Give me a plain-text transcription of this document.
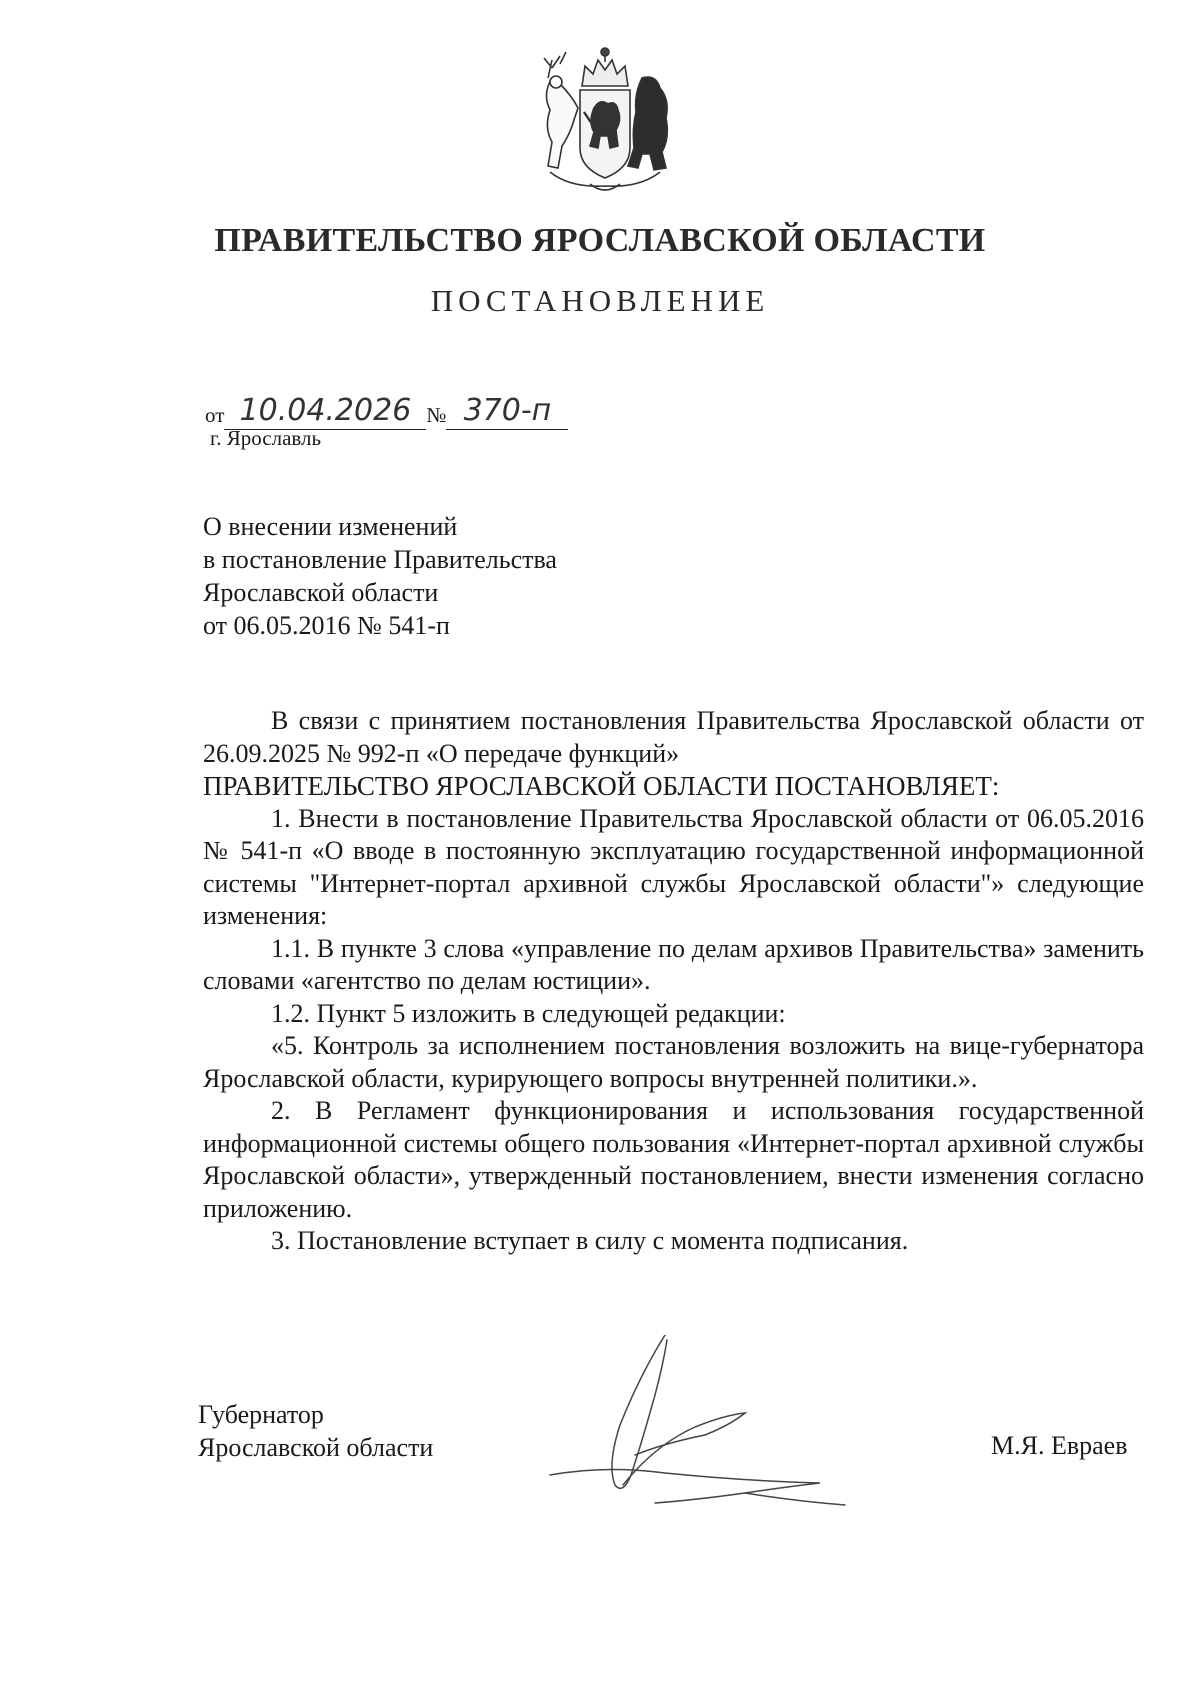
ПРАВИТЕЛЬСТВО ЯРОСЛАВСКОЙ ОБЛАСТИ
ПОСТАНОВЛЕНИЕ
от 10.04.2026 № 370-п
г. Ярославль
О внесении изменений
в постановление Правительства
Ярославской области
от 06.05.2016 № 541-п

В связи с принятием постановления Правительства Ярославской области от 26.09.2025 № 992-п «О передаче функций»

ПРАВИТЕЛЬСТВО ЯРОСЛАВСКОЙ ОБЛАСТИ ПОСТАНОВЛЯЕТ:

1. Внести в постановление Правительства Ярославской области от 06.05.2016 № 541-п «О вводе в постоянную эксплуатацию государственной информационной системы "Интернет-портал архивной службы Ярославской области"» следующие изменения:

1.1. В пункте 3 слова «управление по делам архивов Правительства» заменить словами «агентство по делам юстиции».

1.2. Пункт 5 изложить в следующей редакции:

«5. Контроль за исполнением постановления возложить на вице-губернатора Ярославской области, курирующего вопросы внутренней политики.».

2. В Регламент функционирования и использования государственной информационной системы общего пользования «Интернет-портал архивной службы Ярославской области», утвержденный постановлением, внести изменения согласно приложению.

3. Постановление вступает в силу с момента подписания.

Губернатор
Ярославской области	М.Я. Евраев
